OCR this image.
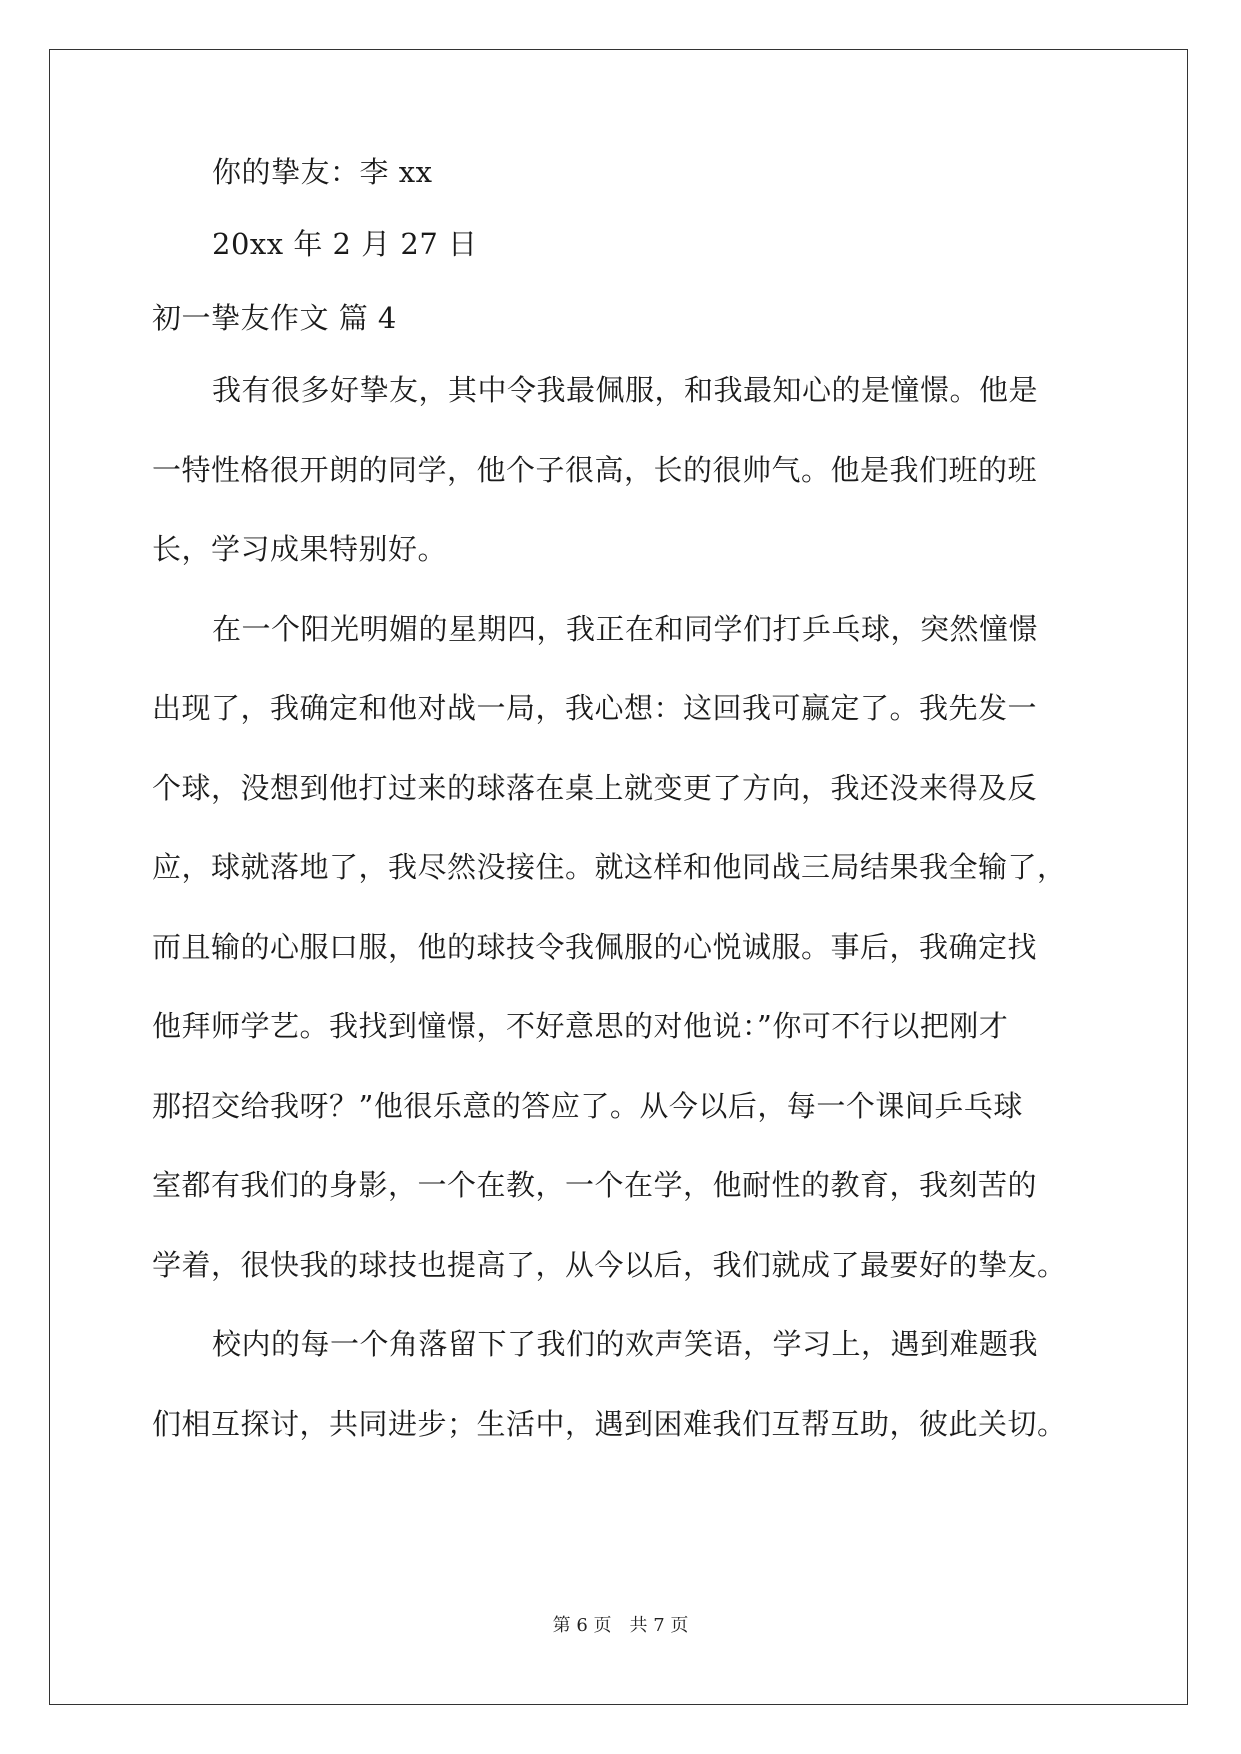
你的挚友：李 xx
20xx 年 2 月 27 日
初一挚友作文 篇 4
我有很多好挚友，其中令我最佩服，和我最知心的是憧憬。他是
一特性格很开朗的同学，他个子很高，长的很帅气。他是我们班的班
长，学习成果特别好。
在一个阳光明媚的星期四，我正在和同学们打乒乓球，突然憧憬
出现了，我确定和他对战一局，我心想：这回我可赢定了。我先发一
个球，没想到他打过来的球落在桌上就变更了方向，我还没来得及反
应，球就落地了，我尽然没接住。就这样和他同战三局结果我全输了，
而且输的心服口服，他的球技令我佩服的心悦诚服。事后，我确定找
他拜师学艺。我找到憧憬，不好意思的对他说：”你可不行以把刚才
那招交给我呀？”他很乐意的答应了。从今以后，每一个课间乒乓球
室都有我们的身影，一个在教，一个在学，他耐性的教育，我刻苦的
学着，很快我的球技也提高了，从今以后，我们就成了最要好的挚友。
校内的每一个角落留下了我们的欢声笑语，学习上，遇到难题我
们相互探讨，共同进步；生活中，遇到困难我们互帮互助，彼此关切。
第 6 页 共 7 页
